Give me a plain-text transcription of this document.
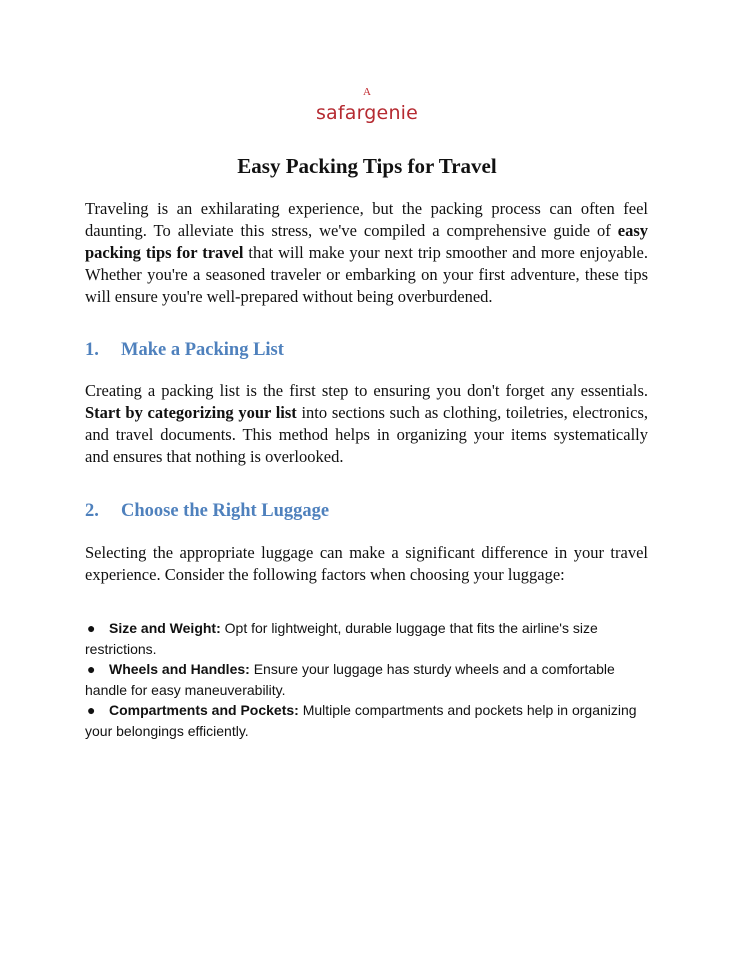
A
safargenie
Easy Packing Tips for Travel

Traveling is an exhilarating experience, but the packing process can often feel daunting. To alleviate this stress, we've compiled a comprehensive guide of easy packing tips for travel that will make your next trip smoother and more enjoyable. Whether you're a seasoned traveler or embarking on your first adventure, these tips will ensure you're well-prepared without being overburdened.

1. Make a Packing List

Creating a packing list is the first step to ensuring you don't forget any essentials. Start by categorizing your list into sections such as clothing, toiletries, electronics, and travel documents. This method helps in organizing your items systematically and ensures that nothing is overlooked.

2. Choose the Right Luggage

Selecting the appropriate luggage can make a significant difference in your travel experience. Consider the following factors when choosing your luggage:

● Size and Weight: Opt for lightweight, durable luggage that fits the airline's size restrictions.
● Wheels and Handles: Ensure your luggage has sturdy wheels and a comfortable handle for easy maneuverability.
● Compartments and Pockets: Multiple compartments and pockets help in organizing your belongings efficiently.
